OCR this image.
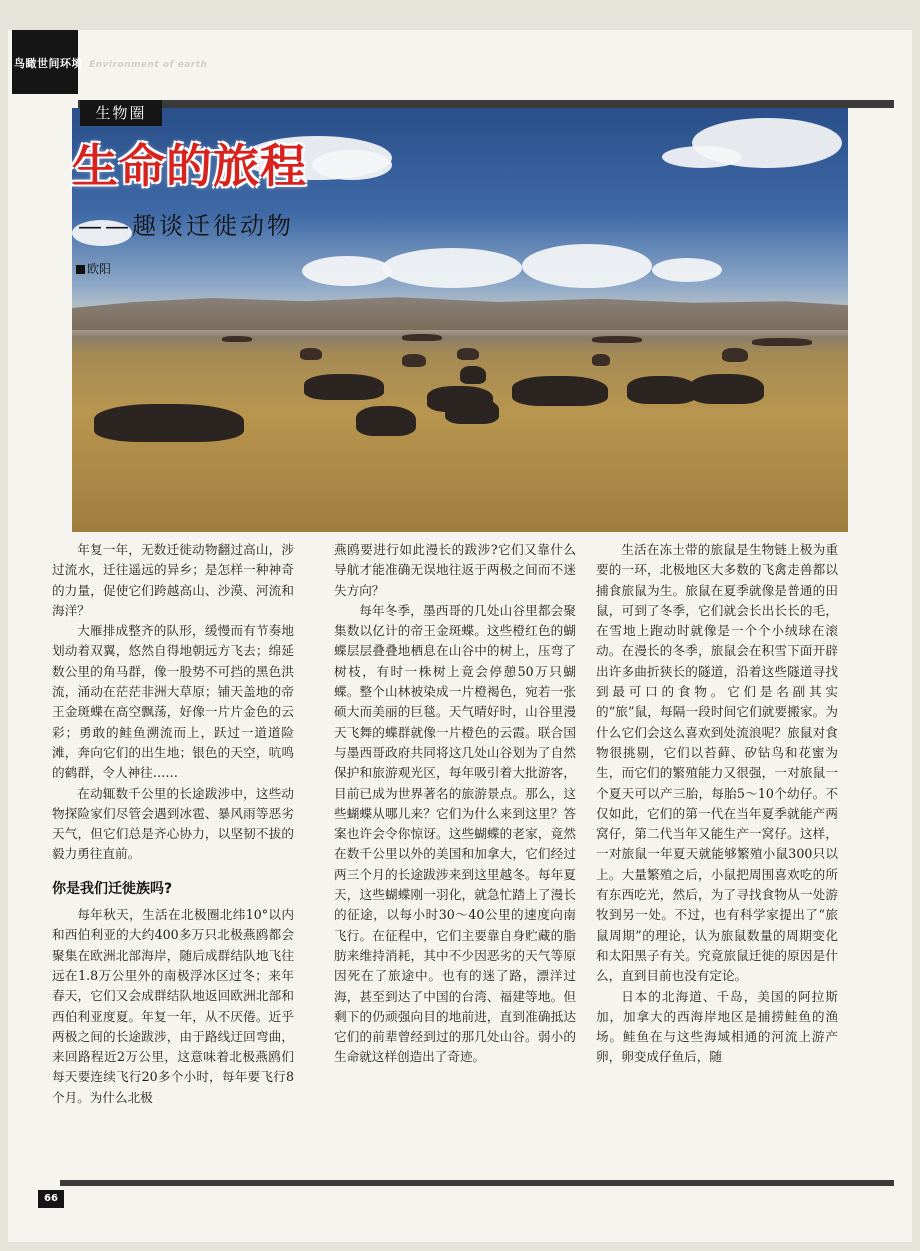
鸟瞰世间环境 Environment of earth
生物圈
生命的旅程
——趣谈迁徙动物
欧阳

年复一年，无数迁徙动物翻过高山，涉过流水，迁往遥远的异乡；是怎样一种神奇的力量，促使它们跨越高山、沙漠、河流和海洋？

大雁排成整齐的队形，缓慢而有节奏地划动着双翼，悠然自得地朝远方飞去；绵延数公里的角马群，像一股势不可挡的黑色洪流，涌动在茫茫非洲大草原；铺天盖地的帝王金斑蝶在高空飘荡，好像一片片金色的云彩；勇敢的鲑鱼溯流而上，跃过一道道险滩，奔向它们的出生地；银色的天空，吭鸣的鹤群，令人神往……

在动辄数千公里的长途跋涉中，这些动物探险家们尽管会遇到冰雹、暴风雨等恶劣天气，但它们总是齐心协力，以坚韧不拔的毅力勇往直前。

你是我们迁徙族吗?

每年秋天，生活在北极圈北纬10°以内和西伯利亚的大约400多万只北极燕鸥都会聚集在欧洲北部海岸，随后成群结队地飞往远在1.8万公里外的南极浮冰区过冬；来年春天，它们又会成群结队地返回欧洲北部和西伯利亚度夏。年复一年，从不厌倦。近乎两极之间的长途跋涉，由于路线迂回弯曲，来回路程近2万公里，这意味着北极燕鸥们每天要连续飞行20多个小时，每年要飞行8个月。为什么北极

燕鸥要进行如此漫长的跋涉?它们又靠什么导航才能准确无误地往返于两极之间而不迷失方向？

每年冬季，墨西哥的几处山谷里都会聚集数以亿计的帝王金斑蝶。这些橙红色的蝴蝶层层叠叠地栖息在山谷中的树上，压弯了树枝，有时一株树上竟会停憩50万只蝴蝶。整个山林被染成一片橙褐色，宛若一张硕大而美丽的巨毯。天气晴好时，山谷里漫天飞舞的蝶群就像一片橙色的云霞。联合国与墨西哥政府共同将这几处山谷划为了自然保护和旅游观光区，每年吸引着大批游客，目前已成为世界著名的旅游景点。那么，这些蝴蝶从哪儿来？它们为什么来到这里？答案也许会令你惊讶。这些蝴蝶的老家，竟然在数千公里以外的美国和加拿大，它们经过两三个月的长途跋涉来到这里越冬。每年夏天，这些蝴蝶刚一羽化，就急忙踏上了漫长的征途，以每小时30～40公里的速度向南飞行。在征程中，它们主要靠自身贮藏的脂肪来维持消耗，其中不少因恶劣的天气等原因死在了旅途中。也有的迷了路，漂洋过海，甚至到达了中国的台湾、福建等地。但剩下的仍顽强向目的地前进，直到准确抵达它们的前辈曾经到过的那几处山谷。弱小的生命就这样创造出了奇迹。

生活在冻土带的旅鼠是生物链上极为重要的一环，北极地区大多数的飞禽走兽都以捕食旅鼠为生。旅鼠在夏季就像是普通的田鼠，可到了冬季，它们就会长出长长的毛，在雪地上跑动时就像是一个个小绒球在滚动。在漫长的冬季，旅鼠会在积雪下面开辟出许多曲折狭长的隧道，沿着这些隧道寻找到最可口的食物。它们是名副其实的“旅”鼠，每隔一段时间它们就要搬家。为什么它们会这么喜欢到处流浪呢？旅鼠对食物很挑剔，它们以苔藓、矽钻鸟和花蜜为生，而它们的繁殖能力又很强，一对旅鼠一个夏天可以产三胎，每胎5～10个幼仔。不仅如此，它们的第一代在当年夏季就能产两窝仔，第二代当年又能生产一窝仔。这样，一对旅鼠一年夏天就能够繁殖小鼠300只以上。大量繁殖之后，小鼠把周围喜欢吃的所有东西吃光，然后，为了寻找食物从一处游牧到另一处。不过，也有科学家提出了“旅鼠周期”的理论，认为旅鼠数量的周期变化和太阳黑子有关。究竟旅鼠迁徙的原因是什么，直到目前也没有定论。

日本的北海道、千岛，美国的阿拉斯加，加拿大的西海岸地区是捕捞鲑鱼的渔场。鲑鱼在与这些海域相通的河流上游产卵，卵变成仔鱼后，随

66
